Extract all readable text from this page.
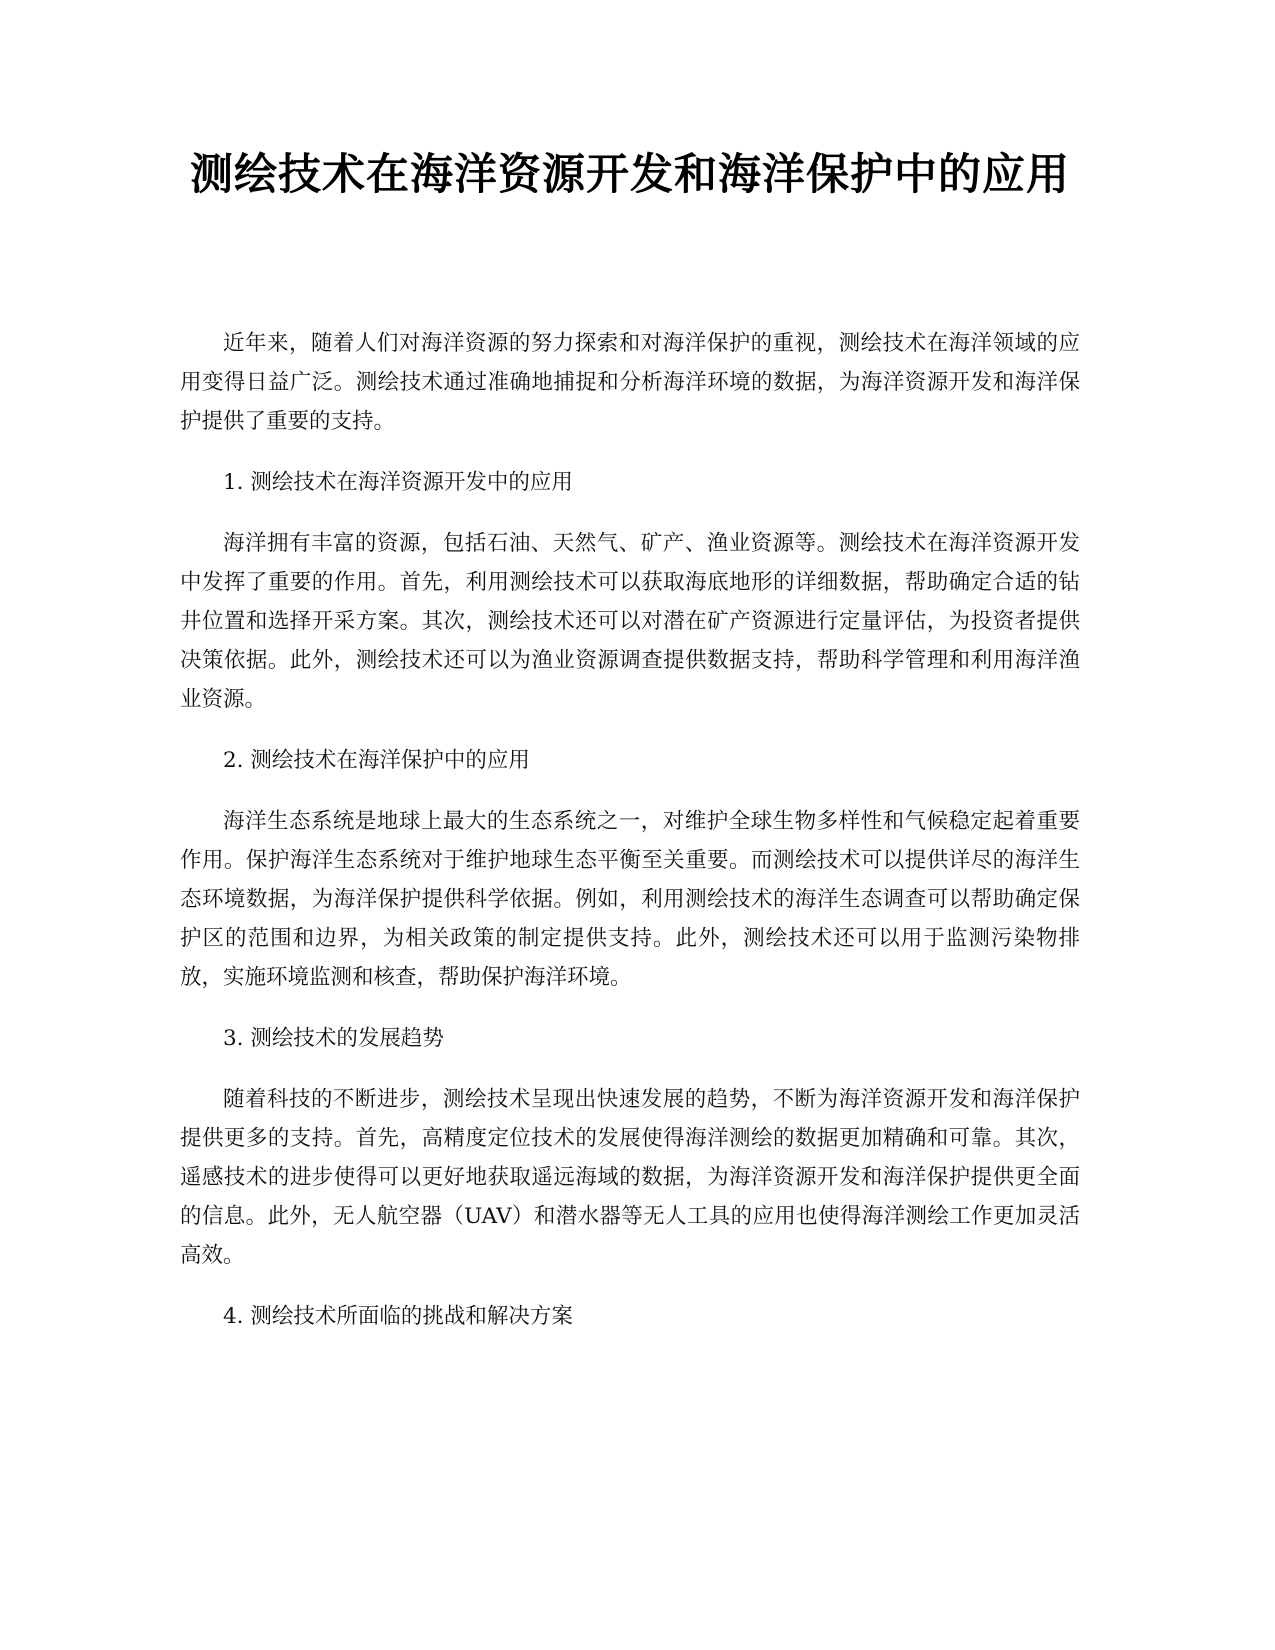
测绘技术在海洋资源开发和海洋保护中的应用

近年来，随着人们对海洋资源的努力探索和对海洋保护的重视，测绘技术在海洋领域的应用变得日益广泛。测绘技术通过准确地捕捉和分析海洋环境的数据，为海洋资源开发和海洋保护提供了重要的支持。

1. 测绘技术在海洋资源开发中的应用

海洋拥有丰富的资源，包括石油、天然气、矿产、渔业资源等。测绘技术在海洋资源开发中发挥了重要的作用。首先，利用测绘技术可以获取海底地形的详细数据，帮助确定合适的钻井位置和选择开采方案。其次，测绘技术还可以对潜在矿产资源进行定量评估，为投资者提供决策依据。此外，测绘技术还可以为渔业资源调查提供数据支持，帮助科学管理和利用海洋渔业资源。

2. 测绘技术在海洋保护中的应用

海洋生态系统是地球上最大的生态系统之一，对维护全球生物多样性和气候稳定起着重要作用。保护海洋生态系统对于维护地球生态平衡至关重要。而测绘技术可以提供详尽的海洋生态环境数据，为海洋保护提供科学依据。例如，利用测绘技术的海洋生态调查可以帮助确定保护区的范围和边界，为相关政策的制定提供支持。此外，测绘技术还可以用于监测污染物排放，实施环境监测和核查，帮助保护海洋环境。

3. 测绘技术的发展趋势

随着科技的不断进步，测绘技术呈现出快速发展的趋势，不断为海洋资源开发和海洋保护提供更多的支持。首先，高精度定位技术的发展使得海洋测绘的数据更加精确和可靠。其次，遥感技术的进步使得可以更好地获取遥远海域的数据，为海洋资源开发和海洋保护提供更全面的信息。此外，无人航空器（UAV）和潜水器等无人工具的应用也使得海洋测绘工作更加灵活高效。

4. 测绘技术所面临的挑战和解决方案
